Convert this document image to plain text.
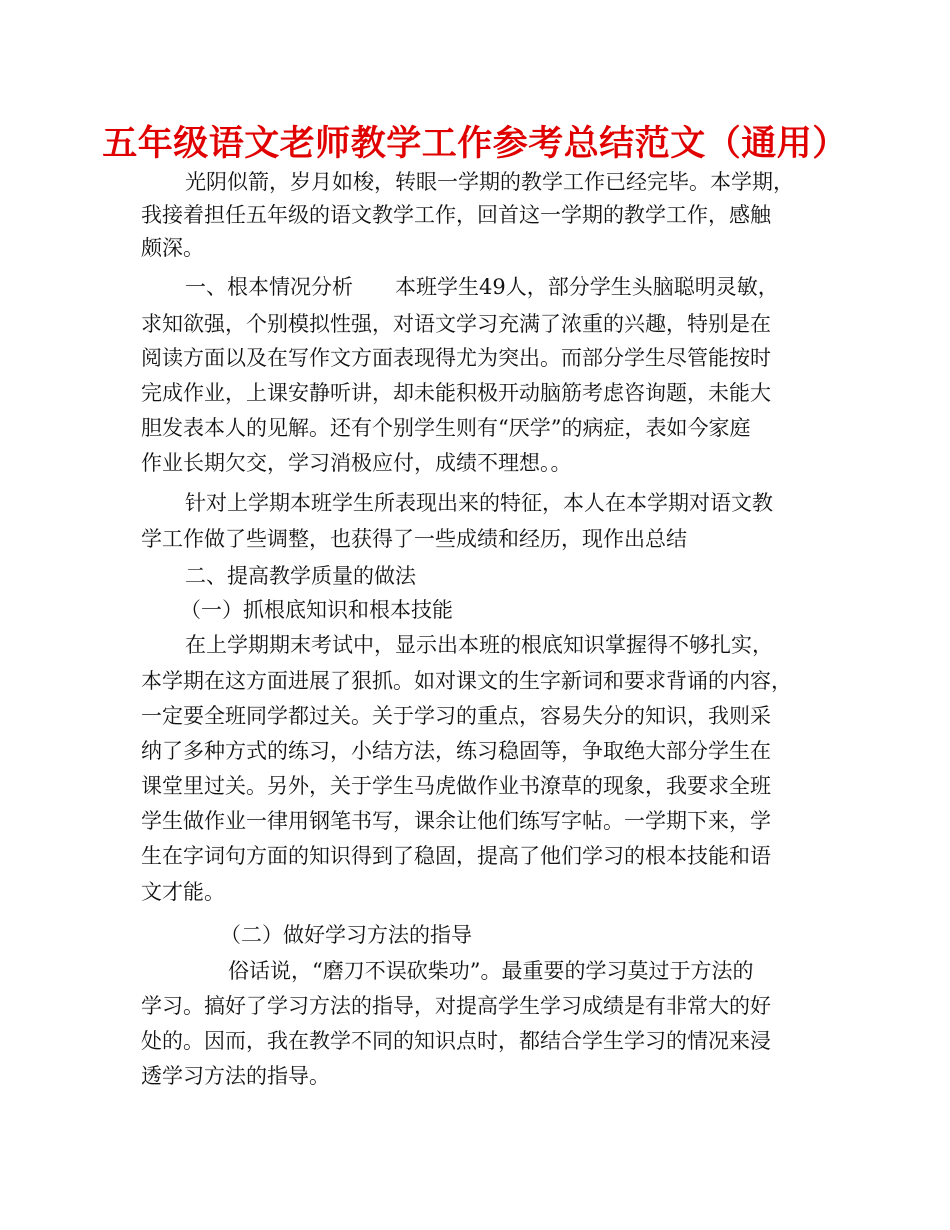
五年级语文老师教学工作参考总结范文（通用）
光阴似箭，岁月如梭，转眼一学期的教学工作已经完毕。本学期，
我接着担任五年级的语文教学工作，回首这一学期的教学工作，感触
颇深。
一、根本情况分析　　本班学生49人，部分学生头脑聪明灵敏，
求知欲强，个别模拟性强，对语文学习充满了浓重的兴趣，特别是在
阅读方面以及在写作文方面表现得尤为突出。而部分学生尽管能按时
完成作业，上课安静听讲，却未能积极开动脑筋考虑咨询题，未能大
胆发表本人的见解。还有个别学生则有“厌学”的病症，表如今家庭
作业长期欠交，学习消极应付，成绩不理想。。
针对上学期本班学生所表现出来的特征，本人在本学期对语文教
学工作做了些调整，也获得了一些成绩和经历，现作出总结
二、提高教学质量的做法
（一）抓根底知识和根本技能
在上学期期末考试中，显示出本班的根底知识掌握得不够扎实，
本学期在这方面进展了狠抓。如对课文的生字新词和要求背诵的内容，
一定要全班同学都过关。关于学习的重点，容易失分的知识，我则采
纳了多种方式的练习，小结方法，练习稳固等，争取绝大部分学生在
课堂里过关。另外，关于学生马虎做作业书潦草的现象，我要求全班
学生做作业一律用钢笔书写，课余让他们练写字帖。一学期下来，学
生在字词句方面的知识得到了稳固，提高了他们学习的根本技能和语
文才能。
（二）做好学习方法的指导
俗话说，“磨刀不误砍柴功”。最重要的学习莫过于方法的
学习。搞好了学习方法的指导，对提高学生学习成绩是有非常大的好
处的。因而，我在教学不同的知识点时，都结合学生学习的情况来浸
透学习方法的指导。
